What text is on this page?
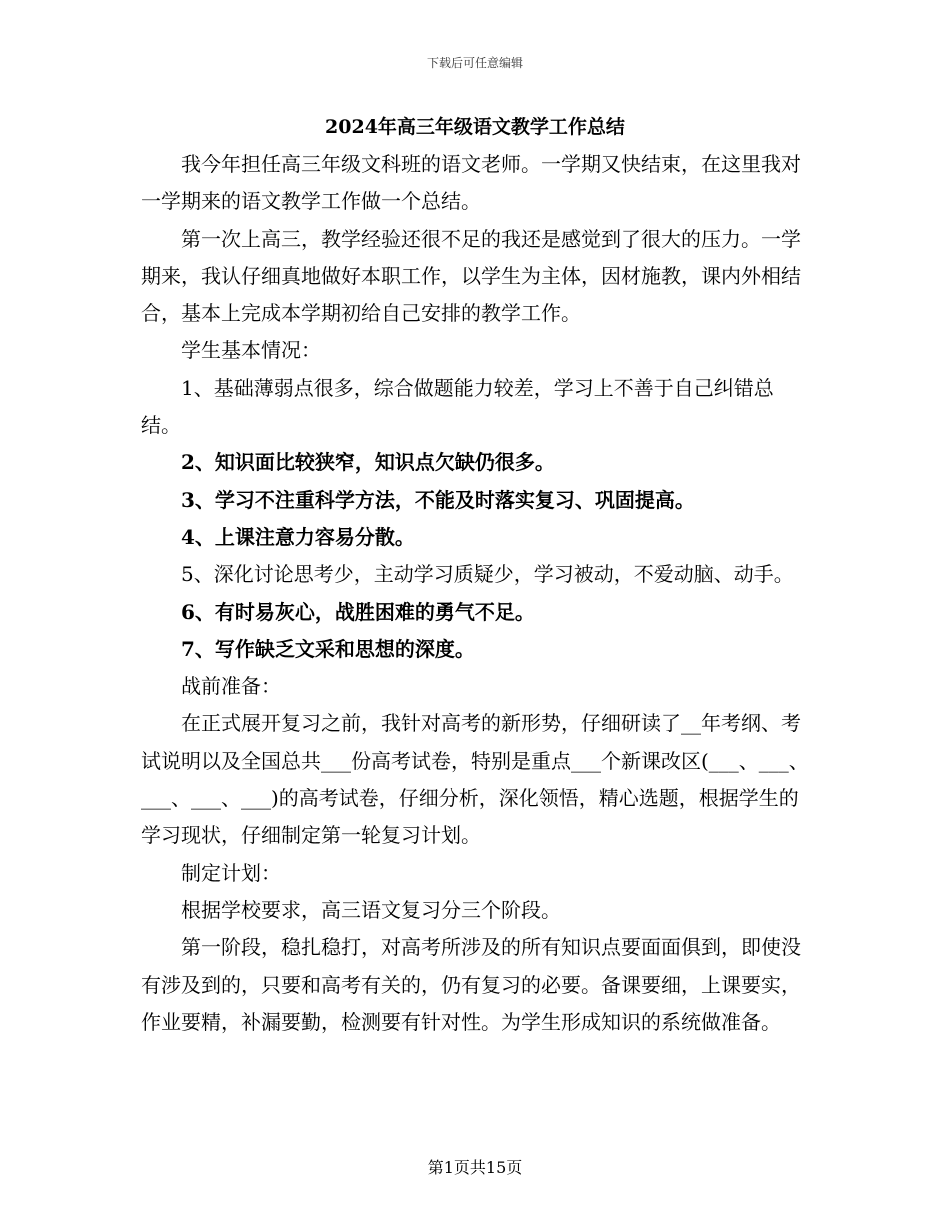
下载后可任意编辑
2024年高三年级语文教学工作总结

我今年担任高三年级文科班的语文老师。一学期又快结束，在这里我对一学期来的语文教学工作做一个总结。

第一次上高三，教学经验还很不足的我还是感觉到了很大的压力。一学期来，我认仔细真地做好本职工作，以学生为主体，因材施教，课内外相结合，基本上完成本学期初给自己安排的教学工作。

学生基本情况：

1、基础薄弱点很多，综合做题能力较差，学习上不善于自己纠错总结。

2、知识面比较狭窄，知识点欠缺仍很多。

3、学习不注重科学方法，不能及时落实复习、巩固提高。

4、上课注意力容易分散。

5、深化讨论思考少，主动学习质疑少，学习被动，不爱动脑、动手。

6、有时易灰心，战胜困难的勇气不足。

7、写作缺乏文采和思想的深度。

战前准备：

在正式展开复习之前，我针对高考的新形势，仔细研读了__年考纲、考试说明以及全国总共___份高考试卷，特别是重点___个新课改区(___、___、___、___、___)的高考试卷，仔细分析，深化领悟，精心选题，根据学生的学习现状，仔细制定第一轮复习计划。

制定计划：

根据学校要求，高三语文复习分三个阶段。

第一阶段，稳扎稳打，对高考所涉及的所有知识点要面面俱到，即使没有涉及到的，只要和高考有关的，仍有复习的必要。备课要细，上课要实，作业要精，补漏要勤，检测要有针对性。为学生形成知识的系统做准备。

第1页共15页
